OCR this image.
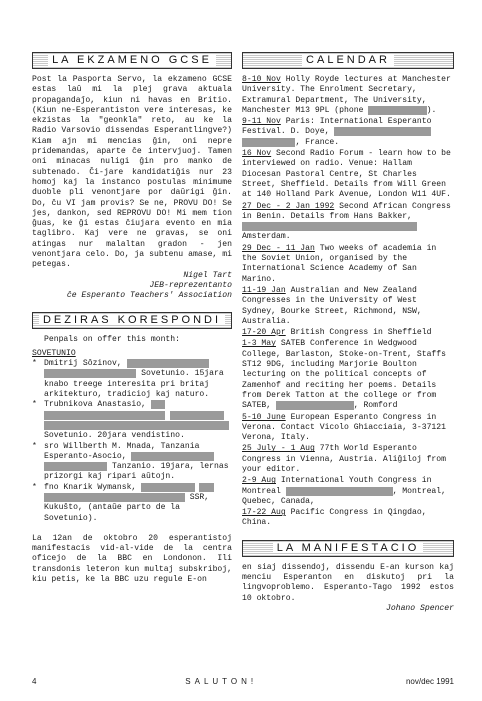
LA EKZAMENO GCSE

Post la Pasporta Servo, la ekzameno GCSE estas laŭ mi la plej grava aktuala propagandaĵo, kiun ni havas en Britio. (Kiun ne-Esperantiston vere interesas, ke ekzistas la "geonkla" reto, au ke la Radio Varsovio dissendas Esperantlingve?) Kiam ajn mi mencias ĝin, oni nepre pridemandas, aparte ĉe intervjuoj. Tamen oni minacas nuligi ĝin pro manko de subtenado. Ĉi-jare kandidatiĝis nur 23 homoj kaj la instanco postulas minimume duoble pli venontjare por daŭrigi ĝin. Do, ĉu VI jam provis? Se ne, PROVU DO! Se jes, dankon, sed REPROVU DO! Mi mem tion ĝuas, ke ĝi estas ĉiujara evento en mia taglibro. Kaj vere ne gravas, se oni atingas nur malaltan gradon - jen venontjara celo. Do, ja subtenu amase, mi petegas.

Nigel Tart
JEB-reprezentanto
ĉe Esperanto Teachers' Association
DEZIRAS KORESPONDI
Penpals on offer this month:
SOVETUNIO
* Dmitrij Sôzinov, Sovetunio. 15jara knabo treege interesita pri britaj arkitekturo, tradicioj kaj naturo.
* Trubnikova Anastasio, Sovetunio. 20jara vendistino.
* sro Willberth M. Mnada, Tanzania Esperanto-Asocio, Tanzanio. 19jara, lernas prizorgi kaj ripari aŭtojn.
* fno Knarik Wymansk, SSR, Kukuŝto, (antaŭe parto de la Sovetunio).

La 12an de oktobro 20 esperantistoj manifestacis vid-al-vide de la centra oficejo de la BBC en Londonon. Ili transdonis leteron kun multaj subskriboj, kiu petis, ke la BBC uzu regule E-on

CALENDAR

8-10 Nov Holly Royde lectures at Manchester University. The Enrolment Secretary, Extramural Department, The University, Manchester M13 9PL (phone	).

9-11 Nov Paris: International Esperanto Festival. D. Doye, , France.

16 Nov Second Radio Forum - learn how to be interviewed on radio. Venue: Hallam Diocesan Pastoral Centre, St Charles Street, Sheffield. Details from Will Green at 140 Holland Park Avenue, London W11 4UF.

27 Dec - 2 Jan 1992 Second African Congress in Benin. Details from Hans Bakker, Amsterdam.

29 Dec - 11 Jan Two weeks of academia in the Soviet Union, organised by the International Science Academy of San Marino.

11-19 Jan Australian and New Zealand Congresses in the University of West Sydney, Bourke Street, Richmond, NSW, Australia.

17-20 Apr British Congress in Sheffield

1-3 May SATEB Conference in Wedgwood College, Barlaston, Stoke-on-Trent, Staffs ST12 9DG, including Marjorie Boulton lecturing on the political concepts of Zamenhof and reciting her poems. Details from Derek Tatton at the college or from SATEB,	, Romford

5-10 June European Esperanto Congress in Verona. Contact Vicolo Ghiacciaia, 3-37121 Verona, Italy.

25 July - 1 Aug 77th World Esperanto Congress in Vienna, Austria. Aliĝiloj from your editor.

2-9 Aug International Youth Congress in Montreal	, Montreal, Quebec, Canada,

17-22 Aug Pacific Congress in Qingdao, China.

LA MANIFESTACIO

en siaj dissendoj, dissendu E-an kurson kaj menciu Esperanton en diskutoj pri la lingvoproblemo. Esperanto-Tago 1992 estos 10 oktobro.

Johano Spencer
4	SALUTON!	nov/dec 1991
